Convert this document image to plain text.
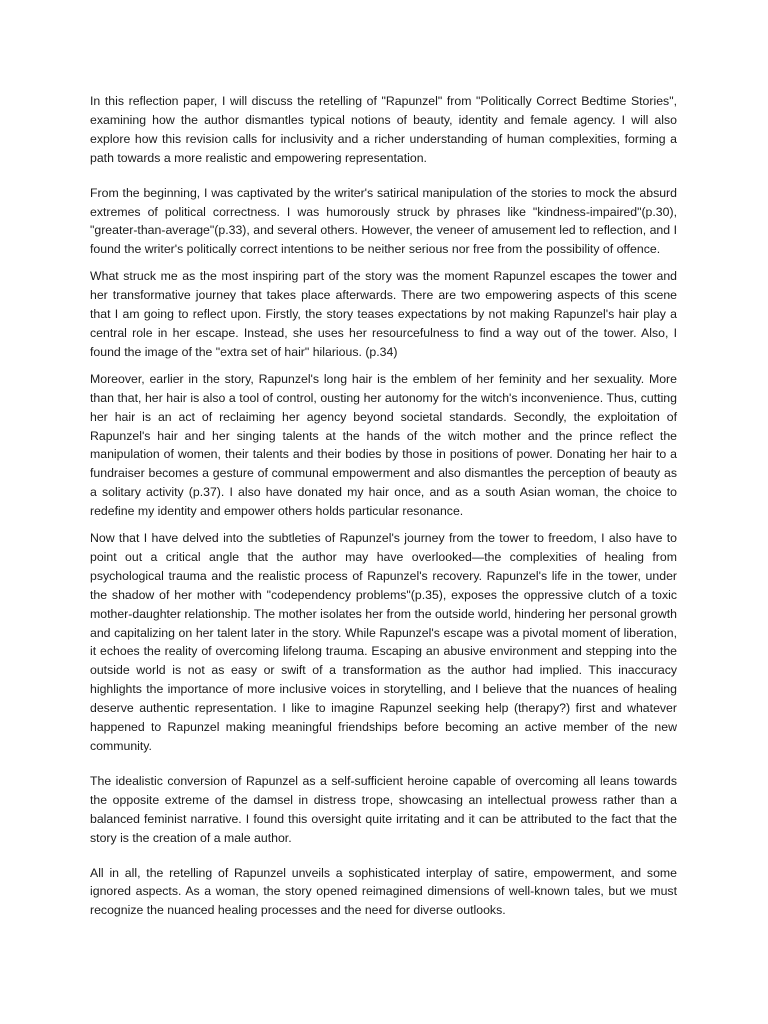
In this reflection paper, I will discuss the retelling of "Rapunzel" from "Politically Correct Bedtime Stories", examining how the author dismantles typical notions of beauty, identity and female agency. I will also explore how this revision calls for inclusivity and a richer understanding of human complexities, forming a path towards a more realistic and empowering representation.

From the beginning, I was captivated by the writer's satirical manipulation of the stories to mock the absurd extremes of political correctness. I was humorously struck by phrases like "kindness-impaired"(p.30), "greater-than-average"(p.33), and several others. However, the veneer of amusement led to reflection, and I found the writer's politically correct intentions to be neither serious nor free from the possibility of offence.

What struck me as the most inspiring part of the story was the moment Rapunzel escapes the tower and her transformative journey that takes place afterwards. There are two empowering aspects of this scene that I am going to reflect upon. Firstly, the story teases expectations by not making Rapunzel's hair play a central role in her escape. Instead, she uses her resourcefulness to find a way out of the tower. Also, I found the image of the "extra set of hair" hilarious. (p.34)

Moreover, earlier in the story, Rapunzel's long hair is the emblem of her feminity and her sexuality. More than that, her hair is also a tool of control, ousting her autonomy for the witch's inconvenience. Thus, cutting her hair is an act of reclaiming her agency beyond societal standards. Secondly, the exploitation of Rapunzel's hair and her singing talents at the hands of the witch mother and the prince reflect the manipulation of women, their talents and their bodies by those in positions of power. Donating her hair to a fundraiser becomes a gesture of communal empowerment and also dismantles the perception of beauty as a solitary activity (p.37). I also have donated my hair once, and as a south Asian woman, the choice to redefine my identity and empower others holds particular resonance.

Now that I have delved into the subtleties of Rapunzel's journey from the tower to freedom, I also have to point out a critical angle that the author may have overlooked—the complexities of healing from psychological trauma and the realistic process of Rapunzel's recovery. Rapunzel's life in the tower, under the shadow of her mother with "codependency problems"(p.35), exposes the oppressive clutch of a toxic mother-daughter relationship. The mother isolates her from the outside world, hindering her personal growth and capitalizing on her talent later in the story. While Rapunzel's escape was a pivotal moment of liberation, it echoes the reality of overcoming lifelong trauma. Escaping an abusive environment and stepping into the outside world is not as easy or swift of a transformation as the author had implied. This inaccuracy highlights the importance of more inclusive voices in storytelling, and I believe that the nuances of healing deserve authentic representation. I like to imagine Rapunzel seeking help (therapy?) first and whatever happened to Rapunzel making meaningful friendships before becoming an active member of the new community.

The idealistic conversion of Rapunzel as a self-sufficient heroine capable of overcoming all leans towards the opposite extreme of the damsel in distress trope, showcasing an intellectual prowess rather than a balanced feminist narrative. I found this oversight quite irritating and it can be attributed to the fact that the story is the creation of a male author.

All in all, the retelling of Rapunzel unveils a sophisticated interplay of satire, empowerment, and some ignored aspects. As a woman, the story opened reimagined dimensions of well-known tales, but we must recognize the nuanced healing processes and the need for diverse outlooks.
